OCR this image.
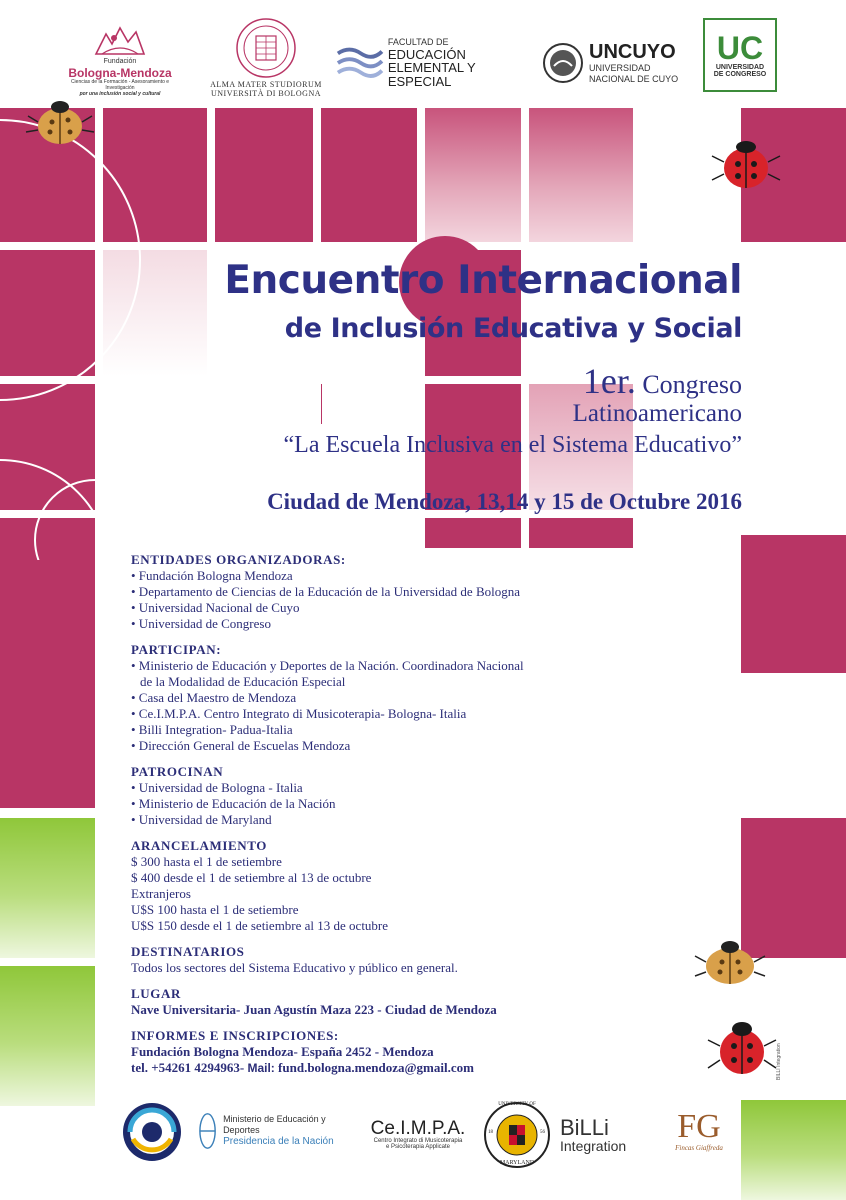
Fundación
Bologna-Mendoza
Ciencias de la Formación - Asesoramiento e Investigación
por una inclusión social y cultural
ALMA MATER STUDIORUM
UNIVERSITÀ DI BOLOGNA
FACULTAD DE
EDUCACIÓN
ELEMENTAL Y ESPECIAL
UNCUYO
UNIVERSIDAD
NACIONAL DE CUYO
UC
UNIVERSIDAD
DE CONGRESO
Encuentro Internacional
de Inclusión Educativa y Social
1er. Congreso
Latinoamericano
“La Escuela Inclusiva en el Sistema Educativo”
Ciudad de Mendoza, 13,14 y 15 de Octubre 2016
ENTIDADES ORGANIZADORAS:
• Fundación Bologna Mendoza
• Departamento de Ciencias de la Educación de la Universidad de Bologna
• Universidad Nacional de Cuyo
• Universidad de Congreso
PARTICIPAN:
• Ministerio de Educación y Deportes de la Nación. Coordinadora Nacional
de la Modalidad de Educación Especial
• Casa del Maestro de Mendoza
• Ce.I.M.P.A. Centro Integrato di Musicoterapia- Bologna- Italia
• Billi Integration- Padua-Italia
• Dirección General de Escuelas Mendoza
PATROCINAN
• Universidad de Bologna - Italia
• Ministerio de Educación de la Nación
• Universidad de Maryland
ARANCELAMIENTO
$ 300 hasta el 1 de setiembre
$ 400 desde el 1 de setiembre al 13 de octubre
Extranjeros
U$S 100 hasta el 1 de setiembre
U$S 150 desde el 1 de setiembre al 13 de octubre
DESTINATARIOS
Todos los sectores del Sistema Educativo y público en general.
LUGAR
Nave Universitaria- Juan Agustín Maza 223 - Ciudad de Mendoza
INFORMES E INSCRIPCIONES:
Fundación Bologna Mendoza- España 2452 - Mendoza
tel. +54261 4294963- Mail: fund.bologna.mendoza@gmail.com	BILLI Integration
Ministerio de Educación y Deportes
Presidencia de la Nación
Ce.I.M.P.A.
Centro Integrato di Musicoterapia
e Psicoterapia Applicate
UNIVERSITY OF
MARYLAND
18	56 BiLLi
Integration
FG
Fincas Giaffreda
